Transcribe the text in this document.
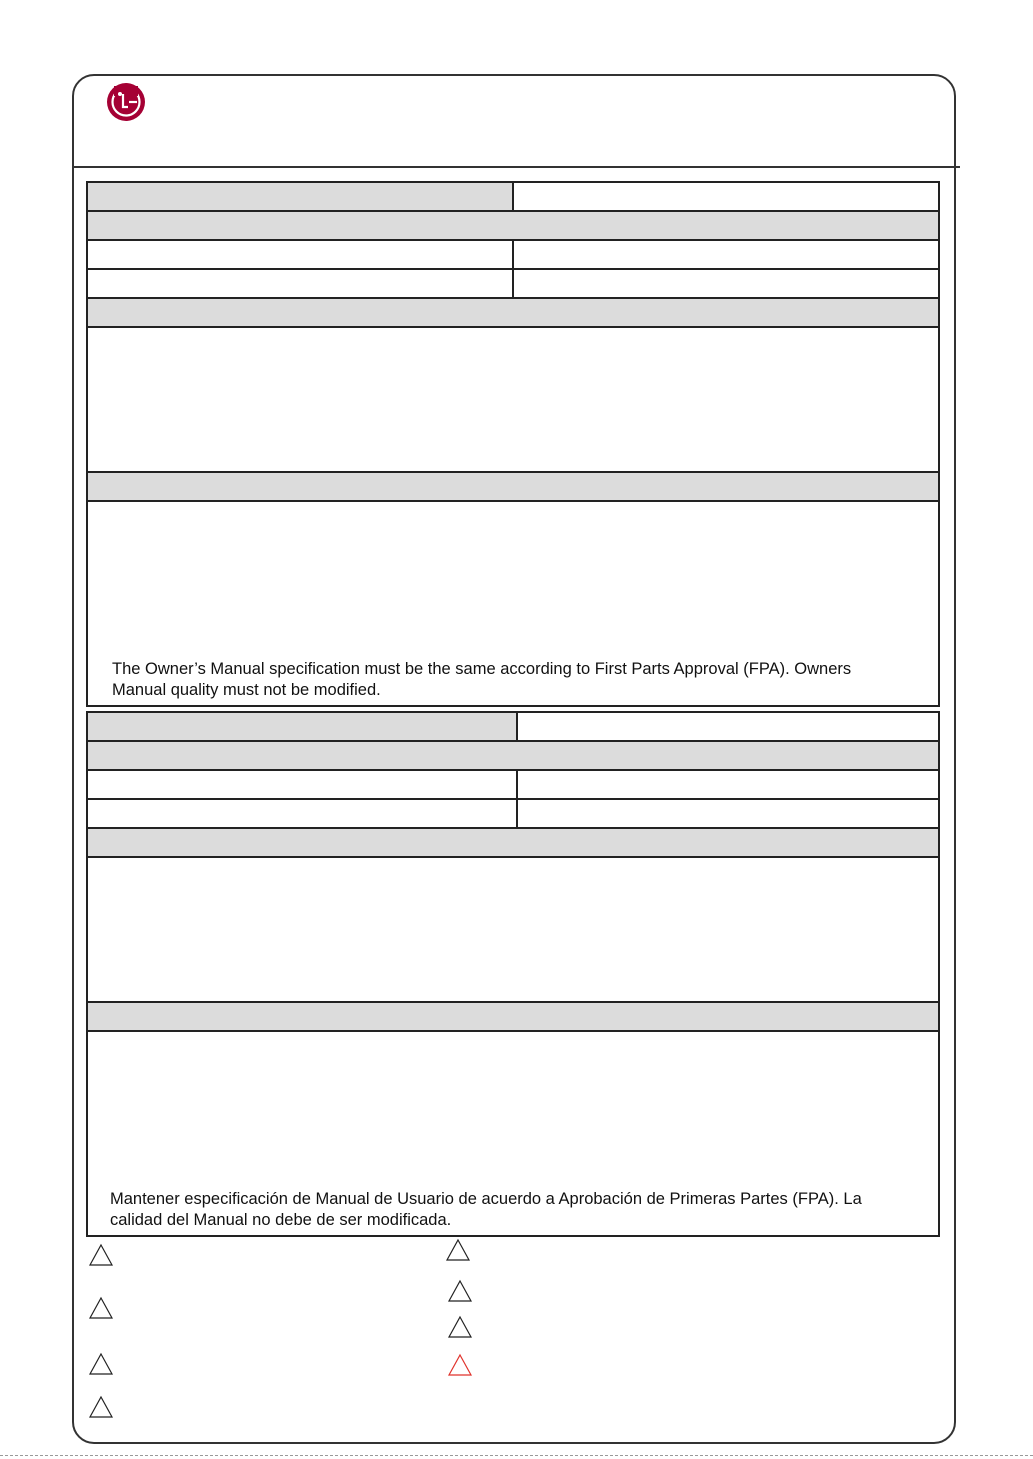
The Owner’s Manual specification must be the same according to First Parts Approval (FPA). Owners
Manual quality must not be modified.
Mantener especificación de Manual de Usuario de acuerdo a Aprobación de Primeras Partes (FPA). La
calidad del Manual no debe de ser modificada.
